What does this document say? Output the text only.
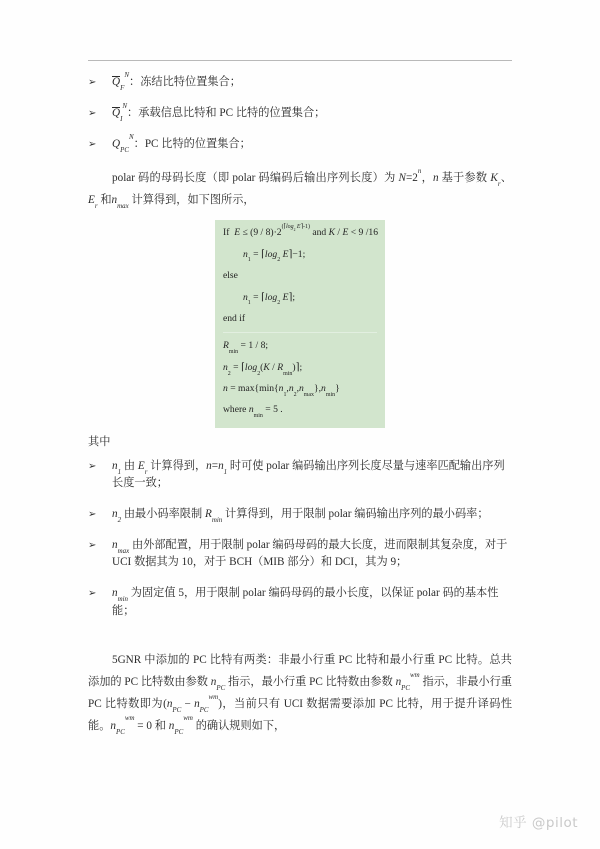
➢	$Q_F^N$：冻结比特位置集合；
➢	$Q_I^N$：承载信息比特和 PC 比特的位置集合；
➢	$Q_{PC}^N$：PC 比特的位置集合；

polar 码的母码长度（即 polar 码编码后输出序列长度）为 $N=2^n$，n 基于参数 $K_r$、$E_r$ 和$n_{max}$ 计算得到，如下图所示，

If  $E \le (9 / 8)\cdot 2^{(⌈log_2 E⌉-1)}$ and K / E < 9 /16

$n_1$ = $⌈\log_2$ E⌉−1;

else

$n_1$ = $⌈\log_2$ E⌉;

end if

$R_{min} = 1 / 8$;

$n_2$ = $⌈\log_2(K$ / $R_{min})⌉$;

$n = \max\{\min\{n_1,n_2,n_{max}\},n_{min}\}$

where $n_{min} = 5$ .

其中

➢	$n_1$ 由 $E_r$ 计算得到，$n=n_1$ 时可使 polar 编码输出序列长度尽量与速率匹配输出序列长度一致；
➢	$n_2$ 由最小码率限制 $R_{min}$ 计算得到，用于限制 polar 编码输出序列的最小码率；
➢	$n_{max}$ 由外部配置，用于限制 polar 编码母码的最大长度，进而限制其复杂度，对于 UCI 数据其为 10，对于 BCH（MIB 部分）和 DCI，其为 9；
➢	$n_{min}$ 为固定值 5，用于限制 polar 编码母码的最小长度，以保证 polar 码的基本性能；

5GNR 中添加的 PC 比特有两类：非最小行重 PC 比特和最小行重 PC 比特。总共添加的 PC 比特数由参数 $n_{PC}$ 指示，最小行重 PC 比特数由参数 $n_{PC}^{wm}$ 指示，非最小行重 PC 比特数即为$(n_{PC} - n_{PC}^{wm})$，当前只有 UCI 数据需要添加 PC 比特，用于提升译码性能。$n_{PC}^{wm} = 0$ 和 $n_{PC}^{wm}$ 的确认规则如下，

知乎 @pilot
